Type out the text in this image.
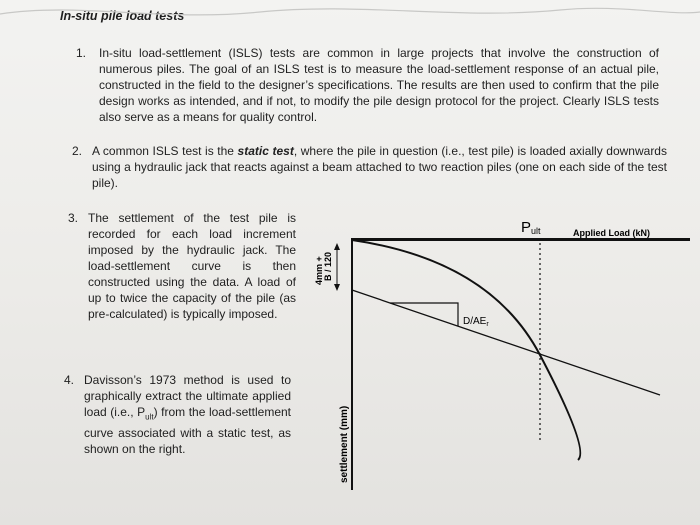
In-situ pile load tests
1. In-situ load-settlement (ISLS) tests are common in large projects that involve the construction of numerous piles. The goal of an ISLS test is to measure the load-settlement response of an actual pile, constructed in the field to the designer’s specifications. The results are then used to confirm that the pile design works as intended, and if not, to modify the pile design protocol for the project. Clearly ISLS tests also serve as a means for quality control.
2. A common ISLS test is the static test, where the pile in question (i.e., test pile) is loaded axially downwards using a hydraulic jack that reacts against a beam attached to two reaction piles (one on each side of the test pile).
3. The settlement of the test pile is recorded for each load increment imposed by the hydraulic jack. The load-settlement curve is then constructed using the data. A load of up to twice the capacity of the pile (as pre-calculated) is typically imposed.
4. Davisson’s 1973 method is used to graphically extract the ultimate applied load (i.e., $P_{ult}$) from the load-settlement curve associated with a static test, as shown on the right.
Pult	Applied Load (kN)
settlement (mm)
4mm + B / 120
$D/AE_r$
